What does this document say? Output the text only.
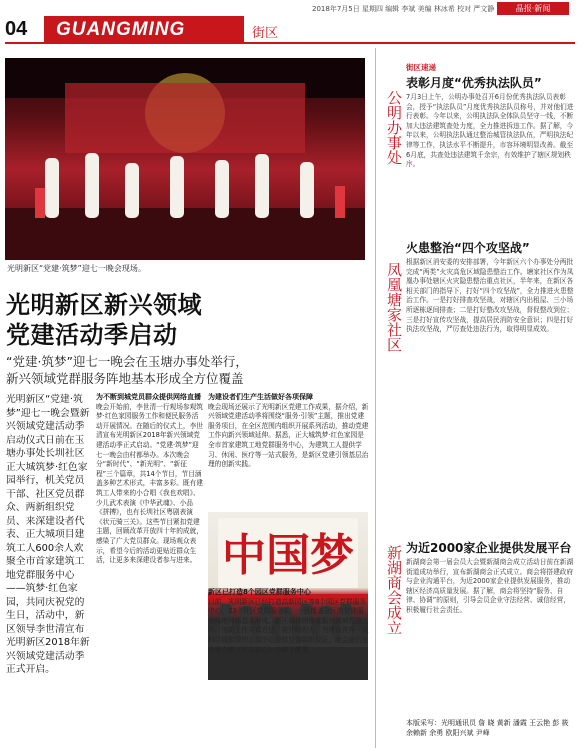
04 GUANGMING	街区
2018年7月5日 星期四 编辑 李斌 美编 林冰希 校对 严文静	晶报·新闻
光明新区“党建·筑梦”迎七一晚会现场。
光明新区新兴领域
党建活动季启动
“党建·筑梦”迎七一晚会在玉塘办事处举行，
新兴领域党群服务阵地基本形成全方位覆盖
光明新区“党建·筑梦”迎七一晚会暨新兴领域党建活动季启动仪式日前在玉塘办事处长圳社区正大城筑梦·红色家园举行，机关党员干部、社区党员群众、两新组织党员、来深建设者代表、正大城项目建筑工人600余人欢聚全市首家建筑工地党群服务中心——筑梦·红色家园，共同庆祝党的生日，活动中，新区领导李世清宣布光明新区2018年新兴领域党建活动季正式开启。
为不断到城党员群众提供网络直播
晚会开始前，李世清一行观场参观筑梦·红色家园服务工作和便民服务活动开展情况。在随后的仪式上，李世清宣布光明新区2018年新兴领域党建活动季正式启动。“党建·筑梦”迎七一晚会由村都举办。本次晚会分“新时代”、“新光明”、“新征程”三个篇章，共14个节目，节目涵盖多种艺术形式，丰富多彩。既有建筑工人带来的小合唱《我也欢唱》、少儿武术表演《中华武魂》、小品《拼搏》，也有长圳社区粤剧表演《状元骑三关》。这些节目紧扣党建主题，回顾改革开放四十年的成就，感染了广大党员群众。现场观众表示，希望今后的活动更贴近群众生活，让更多来深建设者参与进来。
为建设者们生产生活做好各项保障
晚会现场还展示了光明新区党建工作成果，据介绍，新兴领域党建活动季将围绕“服务·引领”主题，推出党建服务项目，在全区范围内组织开展系列活动，推动党建工作向新兴领域延伸。据悉，正大城筑梦·红色家园是全市首家建筑工地党群服务中心，为建筑工人提供学习、休闲、医疗等一站式服务，是新区党建引领基层治理的创新实践。
中国梦
新区已打造8个园区党群服务中心
目前，光明新区已经打造高新园区等8个园区党群服务中心，23个社区党群服务站，一张覆盖全区的党建服务阵地网络基本形成。新区将持续推进新兴领域党建工作，创新工作方式方法，提升组织力，为建设世界一流科学城和深圳北部中心提供坚强组织保证。晚会最后在全场合唱《不忘初心》中落下帷幕。
公明办事处
街区速递
表彰月度“优秀执法队员”
7月3日上午，公明办事处召开6月份优秀执法队员表彰会，授予“执法队员”月度优秀执法队员称号，并对他们进行表彰。今年以来，公明执法队全体队员坚守一线，不断加大违法建筑查处力度，全力推进拆违工作。据了解，今年以来，公明执法队通过整治城管执法队伍，严明执法纪律等工作，执法水平不断提升，市容环境明显改善。截至6月底，共查处违法建筑千余宗，有效维护了辖区规划秩序。
凤凰塘家社区
火患整治“四个攻坚战”
根据新区消安委的安排部署，今年新区六个办事处分两批完成“两类”火灾高危区域隐患整治工作。塘家社区作为凤凰办事处辖区火灾隐患整治重点社区，半年来，在新区各相关部门的指导下，打好“四个攻坚战”，全力推进火患整治工作。一是打好排查攻坚战，对辖区内出租屋、三小场所逐栋逐间排查；二是打好整改攻坚战，督促整改到位；三是打好宣传攻坚战，提高居民消防安全意识；四是打好执法攻坚战，严厉查处违法行为，取得明显成效。
新湖商会成立 为近2000家企业提供发展平台
新湖商会第一届会员大会暨新湖商会成立活动日前在新湖街道成功举行，宣布新湖商会正式成立。商会将搭建政府与企业沟通平台，为近2000家企业提供发展服务，推动辖区经济高质量发展。据了解，商会将坚持“服务、自律、协调”的原则，引导会员企业守法经营、诚信经营，积极履行社会责任。
本版采写：光明通讯员 詹 晓 黄新 潘霞 王云艳 彭 筱 余赖新 余勇 欧阳兴斌 尹峰
